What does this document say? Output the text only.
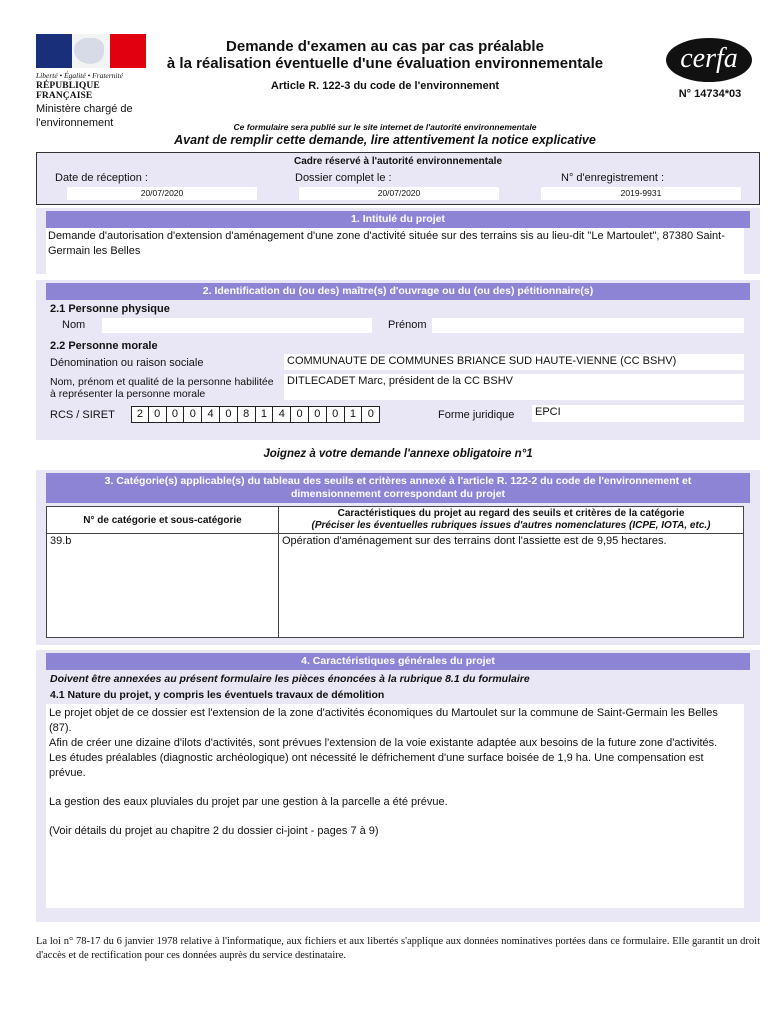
Liberté • Égalité • Fraternité
RÉPUBLIQUE FRANÇAISE
Ministère chargé de l'environnement
Demande d'examen au cas par cas préalable
à la réalisation éventuelle d'une évaluation environnementale
Article R. 122-3 du code de l'environnement
cerfa
N° 14734*03
Ce formulaire sera publié sur le site internet de l'autorité environnementale
Avant de remplir cette demande, lire attentivement la notice explicative
Cadre réservé à l'autorité environnementale
Date de réception :
20/07/2020
Dossier complet le :
20/07/2020
N° d'enregistrement :
2019-9931
1. Intitulé du projet
Demande d'autorisation d'extension d'aménagement d'une zone d'activité située sur des terrains sis au lieu-dit "Le Martoulet", 87380 Saint-Germain les Belles
2. Identification du (ou des) maître(s) d'ouvrage ou du (ou des) pétitionnaire(s)
2.1 Personne physique
Nom	Prénom
2.2 Personne morale
Dénomination ou raison sociale	COMMUNAUTE DE COMMUNES BRIANCE SUD HAUTE-VIENNE (CC BSHV)
Nom, prénom et qualité de la personne habilitée à représenter la personne morale
DITLECADET Marc, président de la CC BSHV
RCS / SIRET	2	0	0	0	4	0	8	1	4	0	0	0	1	0	Forme juridique EPCI
Joignez à votre demande l'annexe obligatoire n°1
3. Catégorie(s) applicable(s) du tableau des seuils et critères annexé à l'article R. 122-2 du code de l'environnement et
dimensionnement correspondant du projet
N° de catégorie et sous-catégorie
Caractéristiques du projet au regard des seuils et critères de la catégorie
(Préciser les éventuelles rubriques issues d'autres nomenclatures (ICPE, IOTA, etc.)
39.b	Opération d'aménagement sur des terrains dont l'assiette est de 9,95 hectares.
4. Caractéristiques générales du projet
Doivent être annexées au présent formulaire les pièces énoncées à la rubrique 8.1 du formulaire
4.1 Nature du projet, y compris les éventuels travaux de démolition
Le projet objet de ce dossier est l'extension de la zone d'activités économiques du Martoulet sur la commune de Saint-Germain les Belles (87).
Afin de créer une dizaine d'ilots d'activités, sont prévues l'extension de la voie existante adaptée aux besoins de la future zone d'activités.
Les études préalables (diagnostic archéologique) ont nécessité le défrichement d'une surface boisée de 1,9 ha. Une compensation est prévue.
La gestion des eaux pluviales du projet par une gestion à la parcelle a été prévue.
(Voir détails du projet au chapitre 2 du dossier ci-joint - pages 7 à 9)
La loi n° 78-17 du 6 janvier 1978 relative à l'informatique, aux fichiers et aux libertés s'applique aux données nominatives portées dans ce formulaire. Elle garantit un droit d'accès et de rectification pour ces données auprès du service destinataire.
